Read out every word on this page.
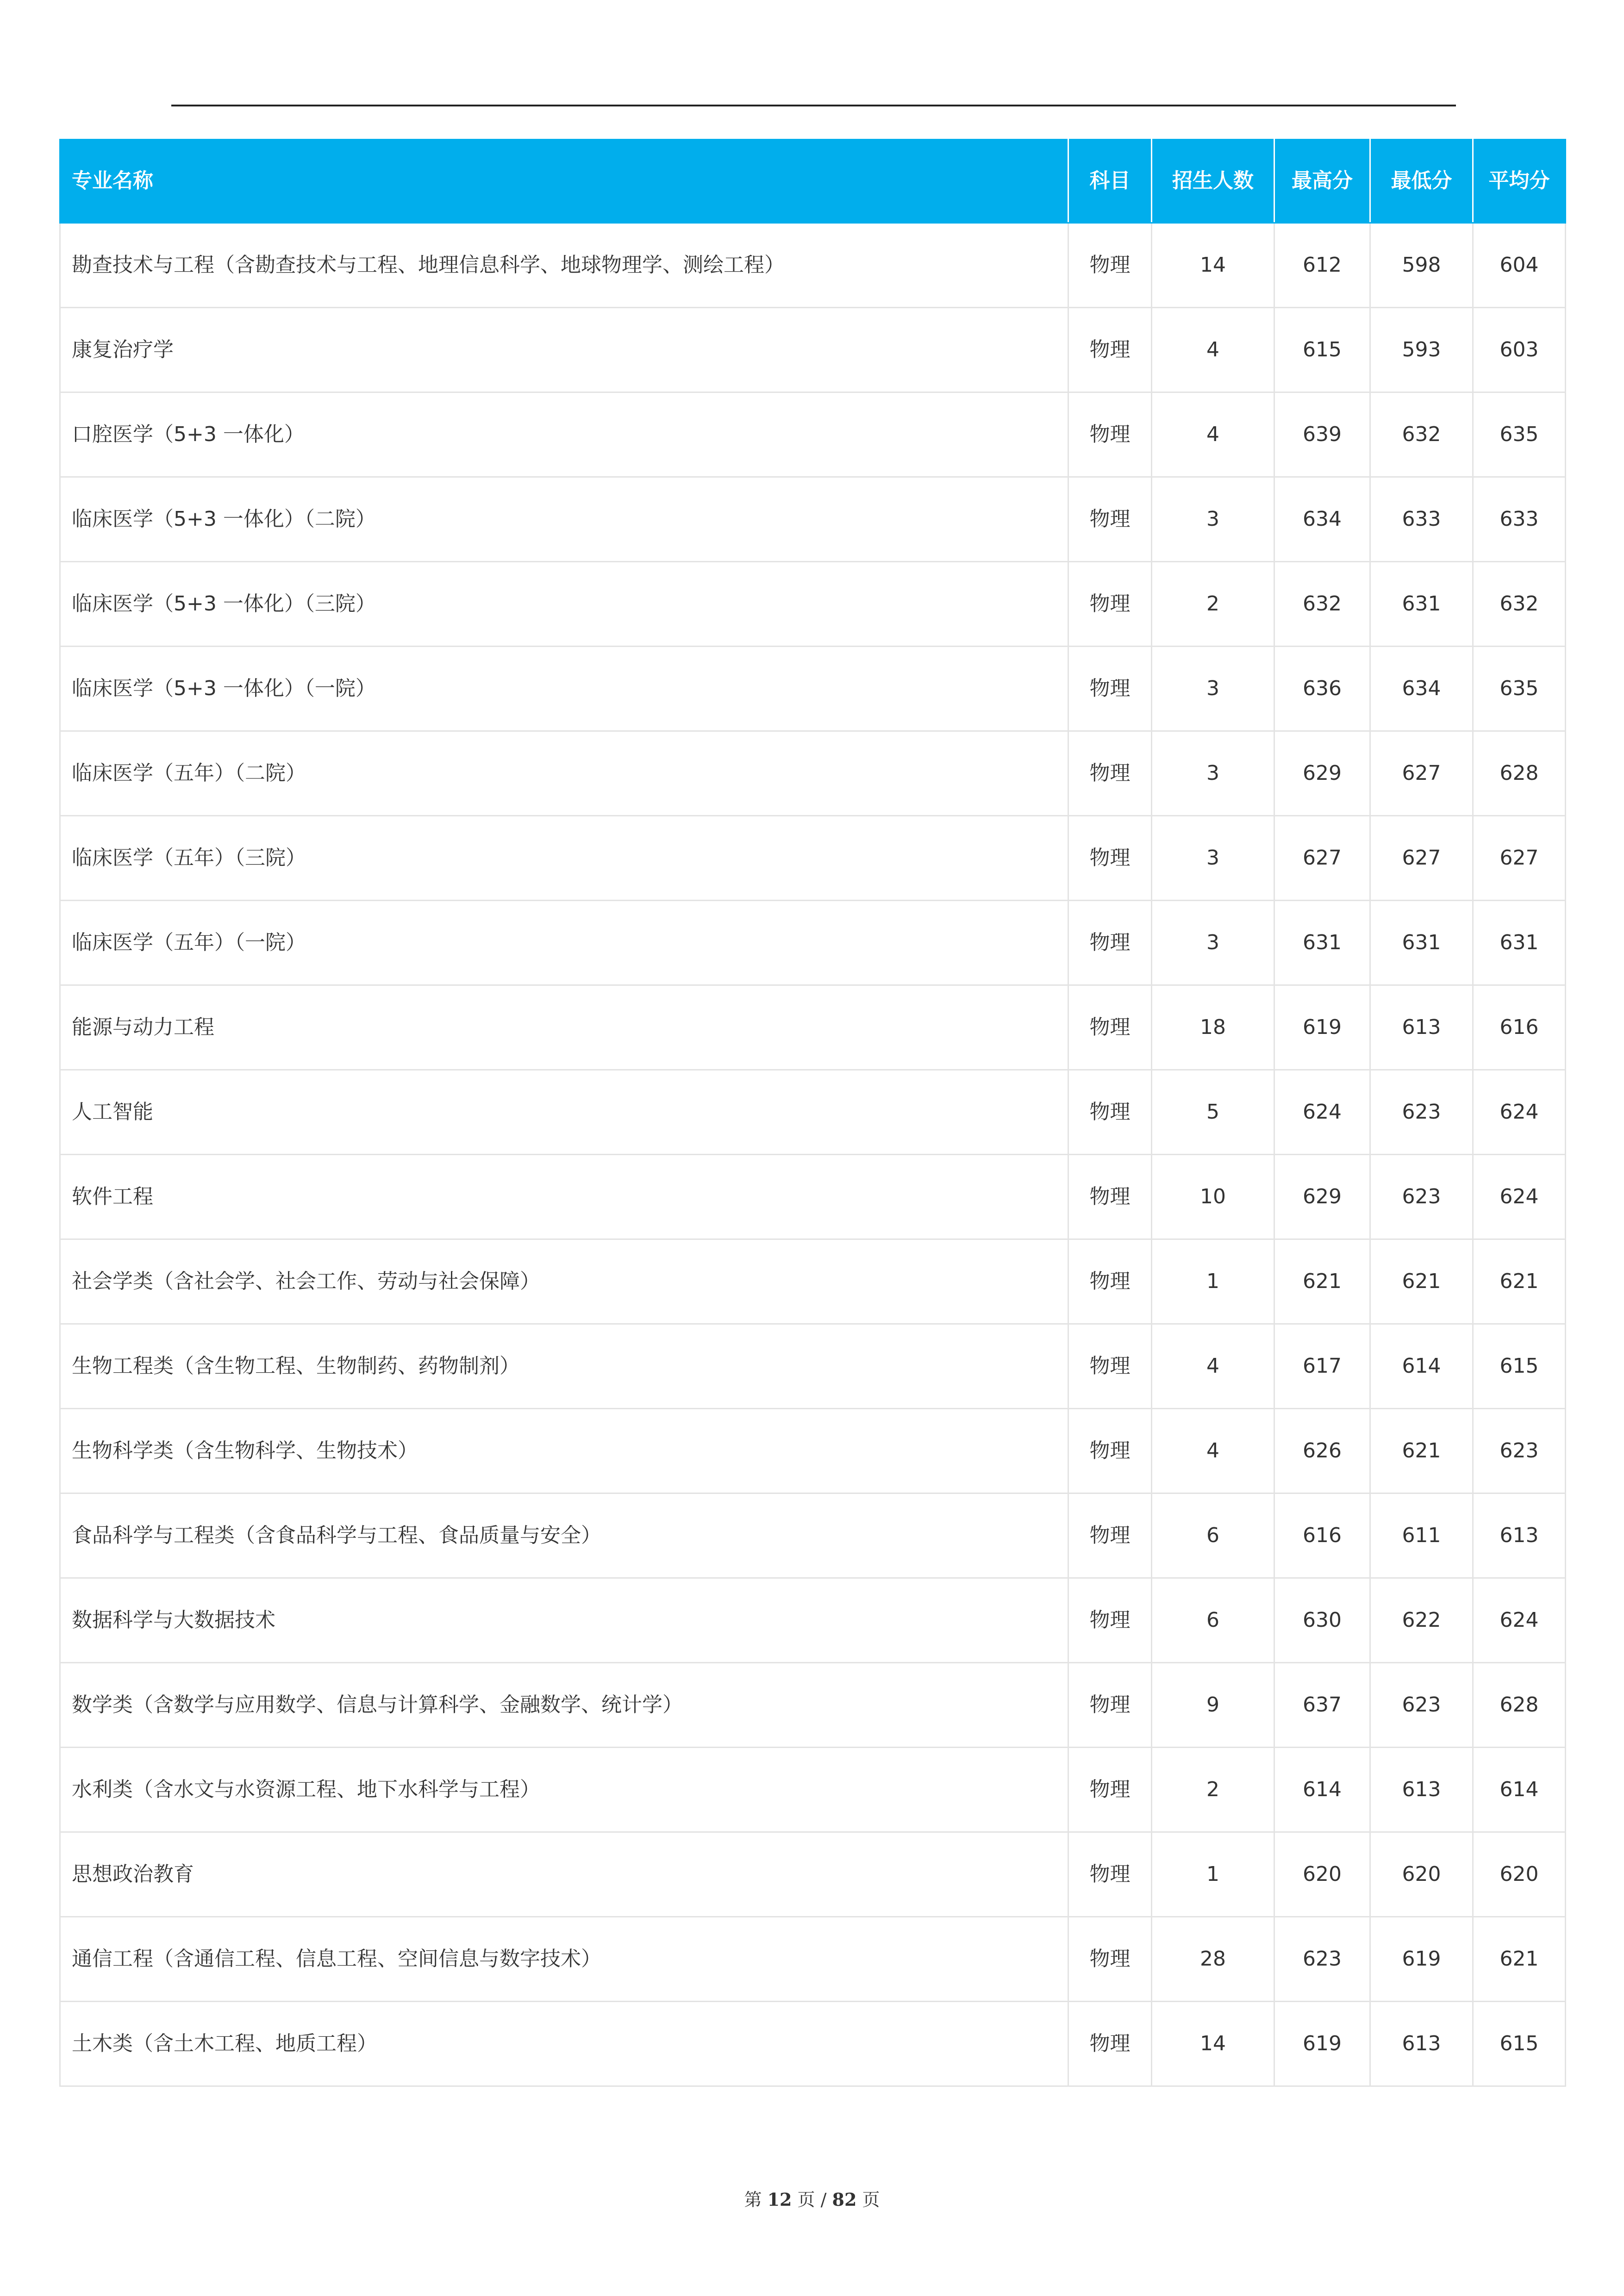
专业名称	科目	招生人数	最高分	最低分	平均分
勘查技术与工程（含勘查技术与工程、地理信息科学、地球物理学、测绘工程）	物理	14	612	598	604
康复治疗学	物理	4	615	593	603
口腔医学（5+3 一体化）	物理	4	639	632	635
临床医学（5+3 一体化）（二院）	物理	3	634	633	633
临床医学（5+3 一体化）（三院）	物理	2	632	631	632
临床医学（5+3 一体化）（一院）	物理	3	636	634	635
临床医学（五年）（二院）	物理	3	629	627	628
临床医学（五年）（三院）	物理	3	627	627	627
临床医学（五年）（一院）	物理	3	631	631	631
能源与动力工程	物理	18	619	613	616
人工智能	物理	5	624	623	624
软件工程	物理	10	629	623	624
社会学类（含社会学、社会工作、劳动与社会保障）	物理	1	621	621	621
生物工程类（含生物工程、生物制药、药物制剂）	物理	4	617	614	615
生物科学类（含生物科学、生物技术）	物理	4	626	621	623
食品科学与工程类（含食品科学与工程、食品质量与安全）	物理	6	616	611	613
数据科学与大数据技术	物理	6	630	622	624
数学类（含数学与应用数学、信息与计算科学、金融数学、统计学）	物理	9	637	623	628
水利类（含水文与水资源工程、地下水科学与工程）	物理	2	614	613	614
思想政治教育	物理	1	620	620	620
通信工程（含通信工程、信息工程、空间信息与数字技术）	物理	28	623	619	621
土木类（含土木工程、地质工程）	物理	14	619	613	615
第 12 页 / 82 页
